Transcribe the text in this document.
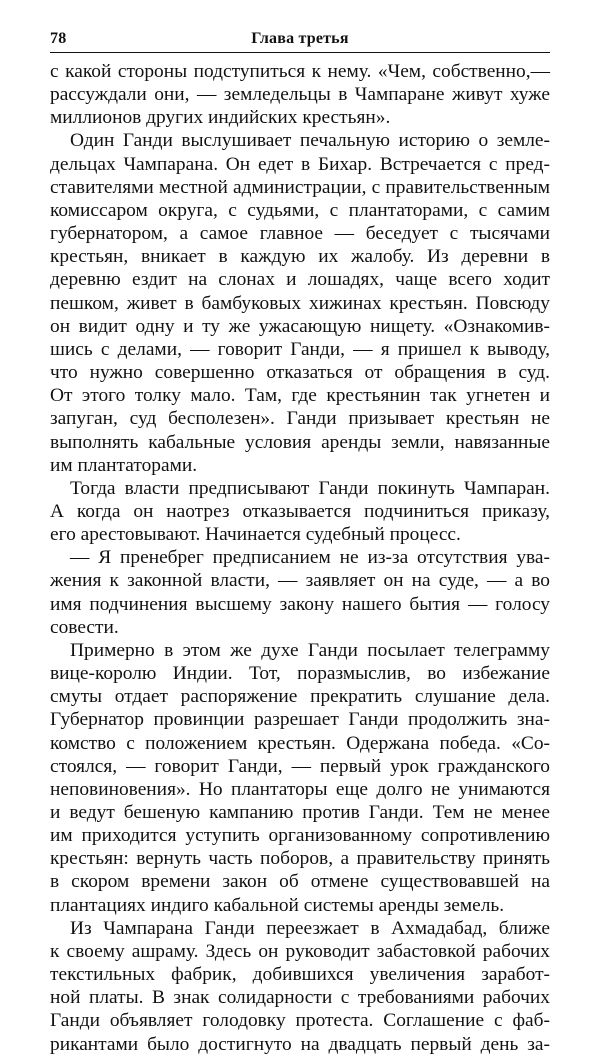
78	Глава третья

с какой стороны подступиться к нему. «Чем, собственно,—

рассуждали они, — земледельцы в Чампаране живут хуже

миллионов других индийских крестьян».

Один Ганди выслушивает печальную историю о земле-

дельцах Чампарана. Он едет в Бихар. Встречается с пред-

ставителями местной администрации, с правительственным

комиссаром округа, с судьями, с плантаторами, с самим

губернатором, а самое главное — беседует с тысячами

крестьян, вникает в каждую их жалобу. Из деревни в

деревню ездит на слонах и лошадях, чаще всего ходит

пешком, живет в бамбуковых хижинах крестьян. Повсюду

он видит одну и ту же ужасающую нищету. «Ознакомив-

шись с делами, — говорит Ганди, — я пришел к выводу,

что нужно совершенно отказаться от обращения в суд.

От этого толку мало. Там, где крестьянин так угнетен и

запуган, суд бесполезен». Ганди призывает крестьян не

выполнять кабальные условия аренды земли, навязанные

им плантаторами.

Тогда власти предписывают Ганди покинуть Чампаран.

А когда он наотрез отказывается подчиниться приказу,

его арестовывают. Начинается судебный процесс.

— Я пренебрег предписанием не из-за отсутствия ува-

жения к законной власти, — заявляет он на суде, — а во

имя подчинения высшему закону нашего бытия — голосу

совести.

Примерно в этом же духе Ганди посылает телеграмму

вице-королю Индии. Тот, поразмыслив, во избежание

смуты отдает распоряжение прекратить слушание дела.

Губернатор провинции разрешает Ганди продолжить зна-

комство с положением крестьян. Одержана победа. «Со-

стоялся, — говорит Ганди, — первый урок гражданского

неповиновения». Но плантаторы еще долго не унимаются

и ведут бешеную кампанию против Ганди. Тем не менее

им приходится уступить организованному сопротивлению

крестьян: вернуть часть поборов, а правительству принять

в скором времени закон об отмене существовавшей на

плантациях индиго кабальной системы аренды земель.

Из Чампарана Ганди переезжает в Ахмадабад, ближе

к своему ашраму. Здесь он руководит забастовкой рабочих

текстильных фабрик, добившихся увеличения заработ-

ной платы. В знак солидарности с требованиями рабочих

Ганди объявляет голодовку протеста. Соглашение с фаб-

рикантами было достигнуто на двадцать первый день за-
